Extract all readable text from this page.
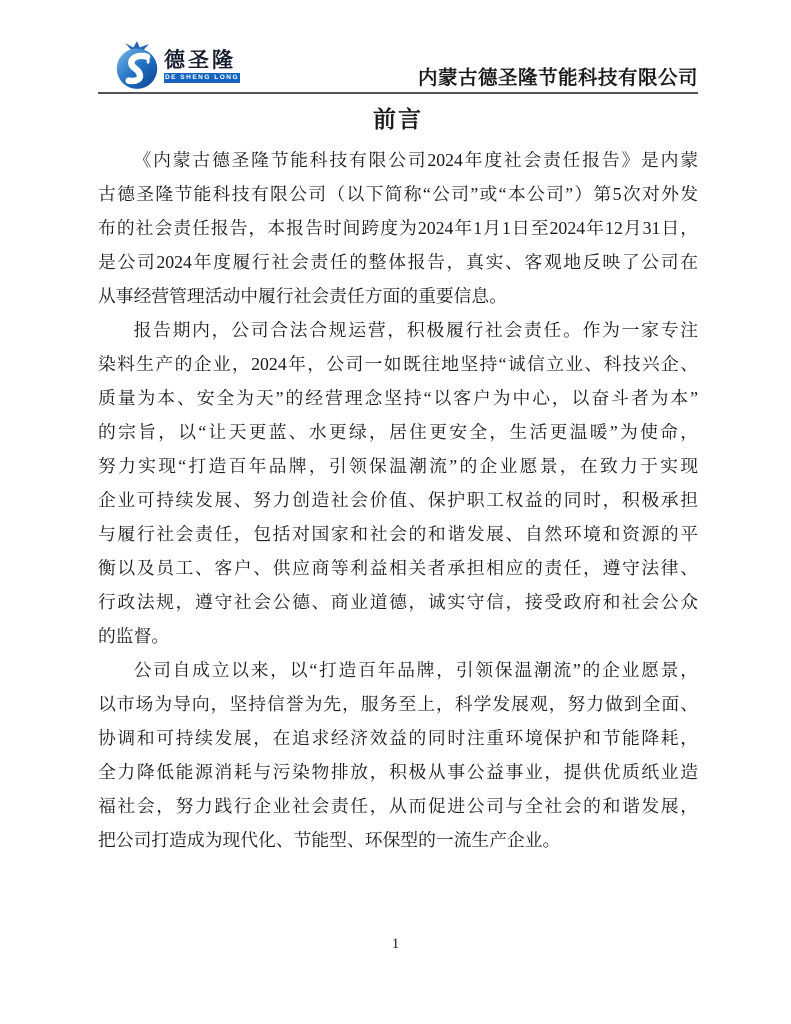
德圣隆
DE SHENG LONG	内蒙古德圣隆节能科技有限公司
前言
《内蒙古德圣隆节能科技有限公司2024年度社会责任报告》是内蒙
古德圣隆节能科技有限公司（以下简称“公司”或“本公司”）第5次对外发
布的社会责任报告，本报告时间跨度为2024年1月1日至2024年12月31日，
是公司2024年度履行社会责任的整体报告，真实、客观地反映了公司在
从事经营管理活动中履行社会责任方面的重要信息。
报告期内，公司合法合规运营，积极履行社会责任。作为一家专注
染料生产的企业，2024年，公司一如既往地坚持“诚信立业、科技兴企、
质量为本、安全为天”的经营理念坚持“以客户为中心，以奋斗者为本”
的宗旨，以“让天更蓝、水更绿，居住更安全，生活更温暖”为使命，
努力实现“打造百年品牌，引领保温潮流”的企业愿景，在致力于实现
企业可持续发展、努力创造社会价值、保护职工权益的同时，积极承担
与履行社会责任，包括对国家和社会的和谐发展、自然环境和资源的平
衡以及员工、客户、供应商等利益相关者承担相应的责任，遵守法律、
行政法规，遵守社会公德、商业道德，诚实守信，接受政府和社会公众
的监督。
公司自成立以来，以“打造百年品牌，引领保温潮流”的企业愿景，
以市场为导向，坚持信誉为先，服务至上，科学发展观，努力做到全面、
协调和可持续发展，在追求经济效益的同时注重环境保护和节能降耗，
全力降低能源消耗与污染物排放，积极从事公益事业，提供优质纸业造
福社会，努力践行企业社会责任，从而促进公司与全社会的和谐发展，
把公司打造成为现代化、节能型、环保型的一流生产企业。
1
